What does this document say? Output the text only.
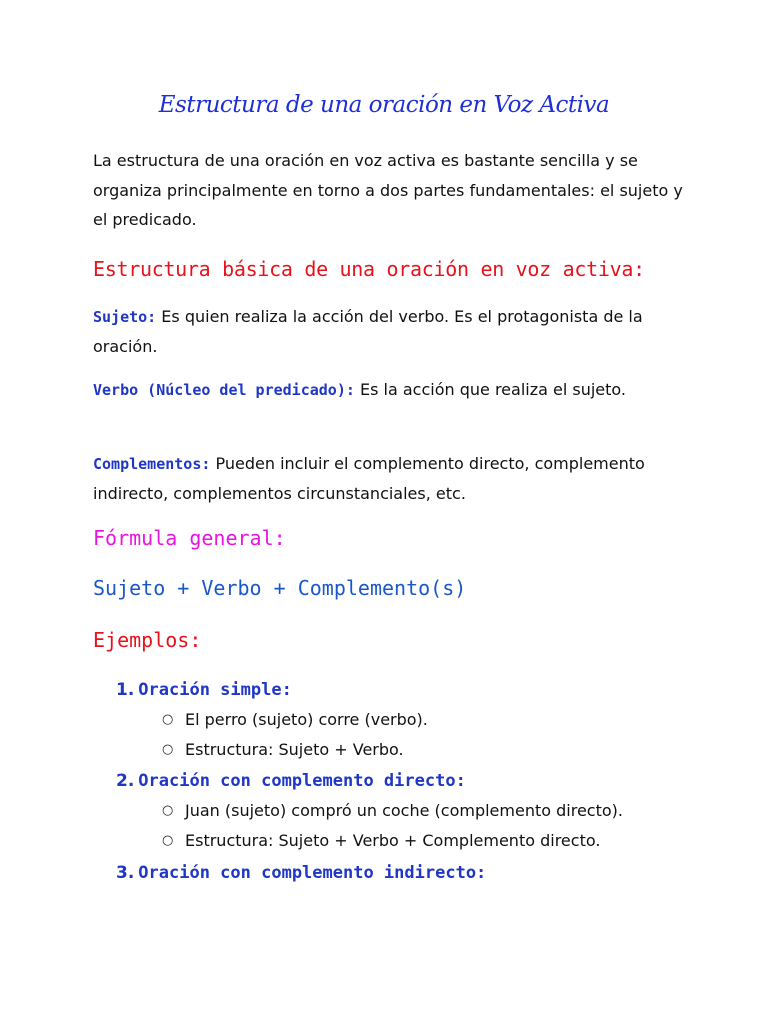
Estructura de una oración en Voz Activa
La estructura de una oración en voz activa es bastante sencilla y se organiza principalmente en torno a dos partes fundamentales: el sujeto y el predicado.
Estructura básica de una oración en voz activa:
Sujeto: Es quien realiza la acción del verbo. Es el protagonista de la oración.
Verbo (Núcleo del predicado): Es la acción que realiza el sujeto.
Complementos: Pueden incluir el complemento directo, complemento indirecto, complementos circunstanciales, etc.
Fórmula general:
Sujeto + Verbo + Complemento(s)
Ejemplos:
1. Oración simple:
○ El perro (sujeto) corre (verbo).
○ Estructura: Sujeto + Verbo.
2. Oración con complemento directo:
○ Juan (sujeto) compró un coche (complemento directo).
○ Estructura: Sujeto + Verbo + Complemento directo.
3. Oración con complemento indirecto:
